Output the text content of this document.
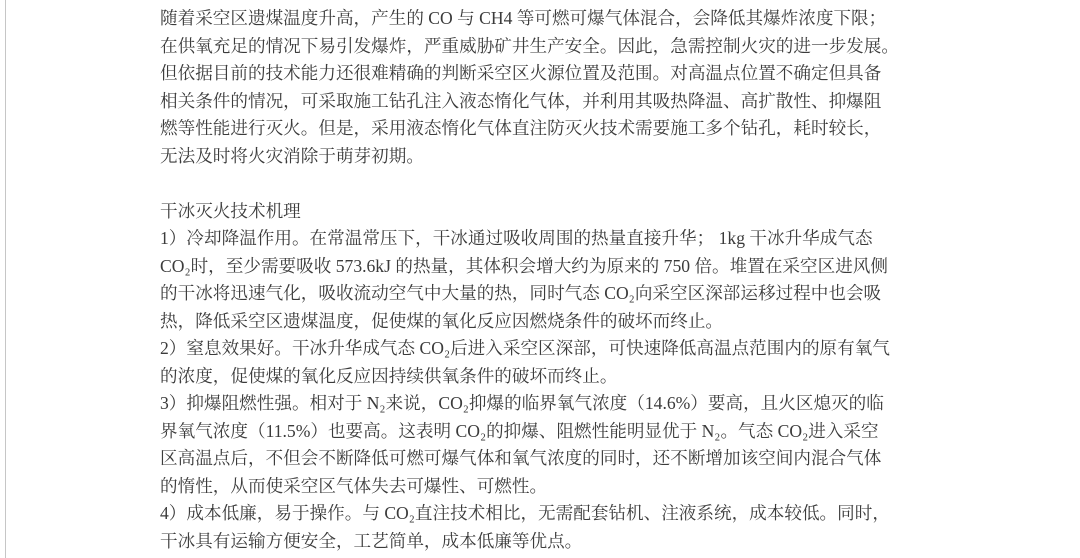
随着采空区遗煤温度升高，产生的 CO 与 CH4 等可燃可爆气体混合，会降低其爆炸浓度下限；
在供氧充足的情况下易引发爆炸，严重威胁矿井生产安全。因此，急需控制火灾的进一步发展。
但依据目前的技术能力还很难精确的判断采空区火源位置及范围。对高温点位置不确定但具备
相关条件的情况，可采取施工钻孔注入液态惰化气体，并利用其吸热降温、高扩散性、抑爆阻
燃等性能进行灭火。但是，采用液态惰化气体直注防灭火技术需要施工多个钻孔，耗时较长，
无法及时将火灾消除于萌芽初期。
干冰灭火技术机理
1）冷却降温作用。在常温常压下，干冰通过吸收周围的热量直接升华； 1kg 干冰升华成气态
CO₂时，至少需要吸收 573.6kJ 的热量，其体积会增大约为原来的 750 倍。堆置在采空区进风侧
的干冰将迅速气化，吸收流动空气中大量的热，同时气态 CO₂向采空区深部运移过程中也会吸
热，降低采空区遗煤温度，促使煤的氧化反应因燃烧条件的破坏而终止。
2）窒息效果好。干冰升华成气态 CO₂后进入采空区深部，可快速降低高温点范围内的原有氧气
的浓度，促使煤的氧化反应因持续供氧条件的破坏而终止。
3）抑爆阻燃性强。相对于 N₂来说，CO₂抑爆的临界氧气浓度（14.6%）要高，且火区熄灭的临
界氧气浓度（11.5%）也要高。这表明 CO₂的抑爆、阻燃性能明显优于 N₂。气态 CO₂进入采空
区高温点后，不但会不断降低可燃可爆气体和氧气浓度的同时，还不断增加该空间内混合气体
的惰性，从而使采空区气体失去可爆性、可燃性。
4）成本低廉，易于操作。与 CO₂直注技术相比，无需配套钻机、注液系统，成本较低。同时，
干冰具有运输方便安全，工艺简单，成本低廉等优点。
